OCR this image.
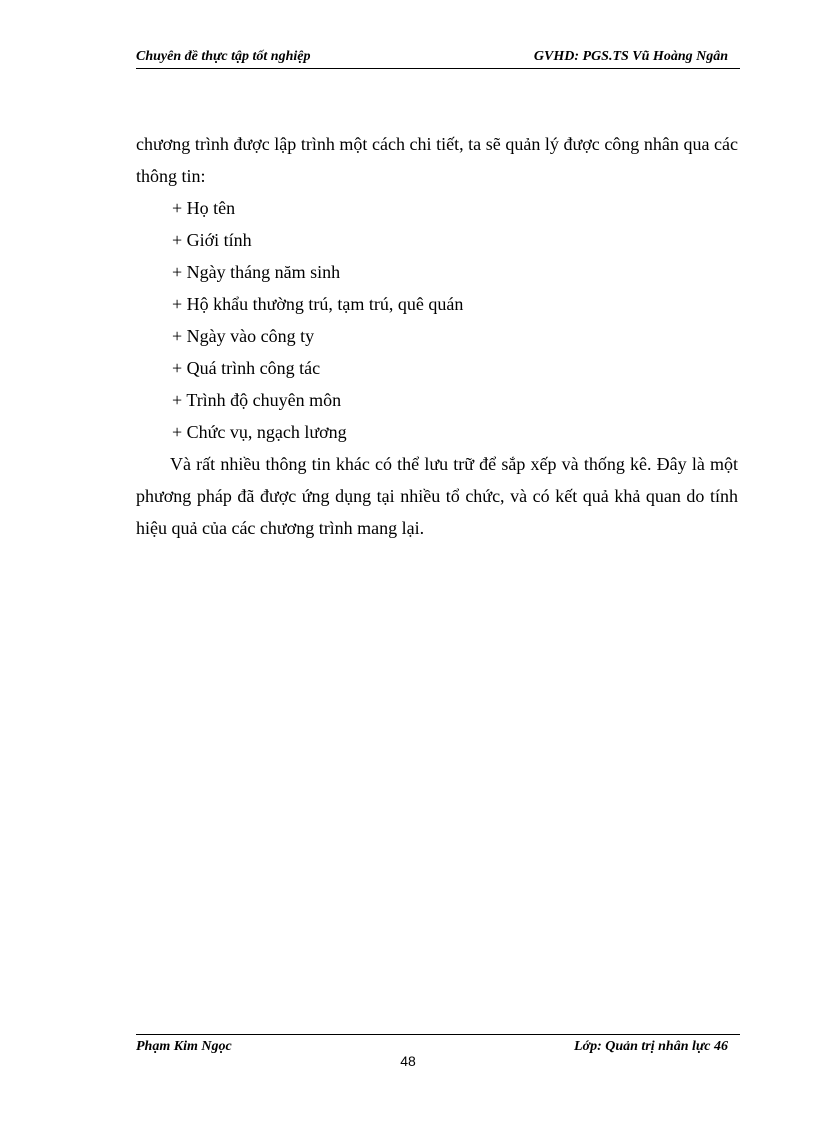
Chuyên đề thực tập tốt nghiệp	GVHD: PGS.TS Vũ Hoàng Ngân

chương trình được lập trình một cách chi tiết, ta sẽ quản lý được công nhân qua các thông tin:

+ Họ tên
+ Giới tính
+ Ngày tháng năm sinh
+ Hộ khẩu thường trú, tạm trú, quê quán
+ Ngày vào công ty
+ Quá trình công tác
+ Trình độ chuyên môn
+ Chức vụ, ngạch lương

Và rất nhiều thông tin khác có thể lưu trữ để sắp xếp và thống kê. Đây là một phương pháp đã được ứng dụng tại nhiều tổ chức, và có kết quả khả quan do tính hiệu quả của các chương trình mang lại.

Phạm Kim Ngọc	Lớp: Quản trị nhân lực 46
48
